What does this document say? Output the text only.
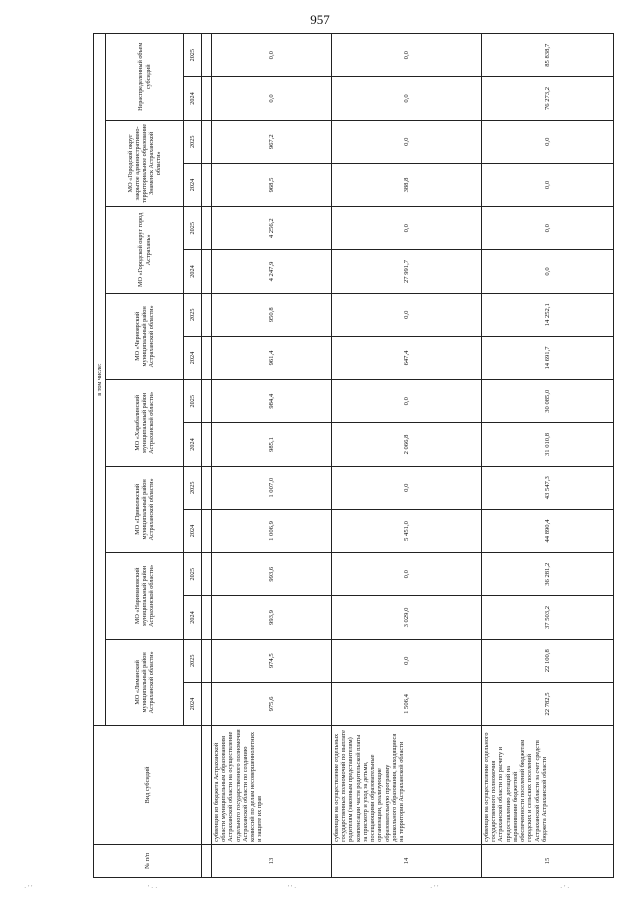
957
№ п/п	Вид субсидий	в том числе:															
		МО «Лиманский муниципальный район Астраханской области»		МО «Наримановский муниципальный район Астраханской области»		МО «Приволжский муниципальный район Астраханской области»		МО «Харабалинский муниципальный район Астраханской области»		МО «Черноярский муниципальный район Астраханской области»		МО «Городской округ город Астрахань»		МО «Городской округ закрытое административно-территориальное образование Знаменск Астраханской области»		Нераспределенный объем субсидий	
		2024	2025	2024	2025	2024	2025	2024	2025	2024	2025	2024	2025	2024	2025	2024	2025

13	субвенция из бюджета Астраханской области муниципальным образованиям Астраханской области на осуществление отдельного государственного полномочия Астраханской области по созданию комиссий по делам несовершеннолетних и защите их прав	975,6	974,5	993,9	993,6	1 006,9	1 007,0	985,1	984,4	961,4	950,8	4 247,9	4 256,2	968,5	967,2	0,0	0,0
14	субвенция на осуществление отдельных государственных полномочий по выплате родителям (законным представителям) компенсации части родительской платы за присмотр и уход за детьми, посещающими образовательные организации, реализующие образовательную программу дошкольного образования, находящиеся на территории Астраханской области	1 506,4	0,0	3 029,0	0,0	5 451,0	0,0	2 066,8	0,0	647,4	0,0	27 991,7	0,0	388,8	0,0	0,0	0,0
15	субвенция на осуществление отдельного государственного полномочия Астраханской области по расчету и предоставлению дотаций на выравнивание бюджетной обеспеченности поселений бюджетам городских и сельских поселений Астраханской области за счет средств бюджета Астраханской области	22 782,5	22 100,8	37 503,2	36 281,2	44 890,4	43 547,3	31 010,8	30 085,0	14 691,7	14 252,1	0,0	0,0	0,0	0,0	76 273,2	85 838,7
· ' '	' · ·	' ' ·	· ' '	· ' ·
